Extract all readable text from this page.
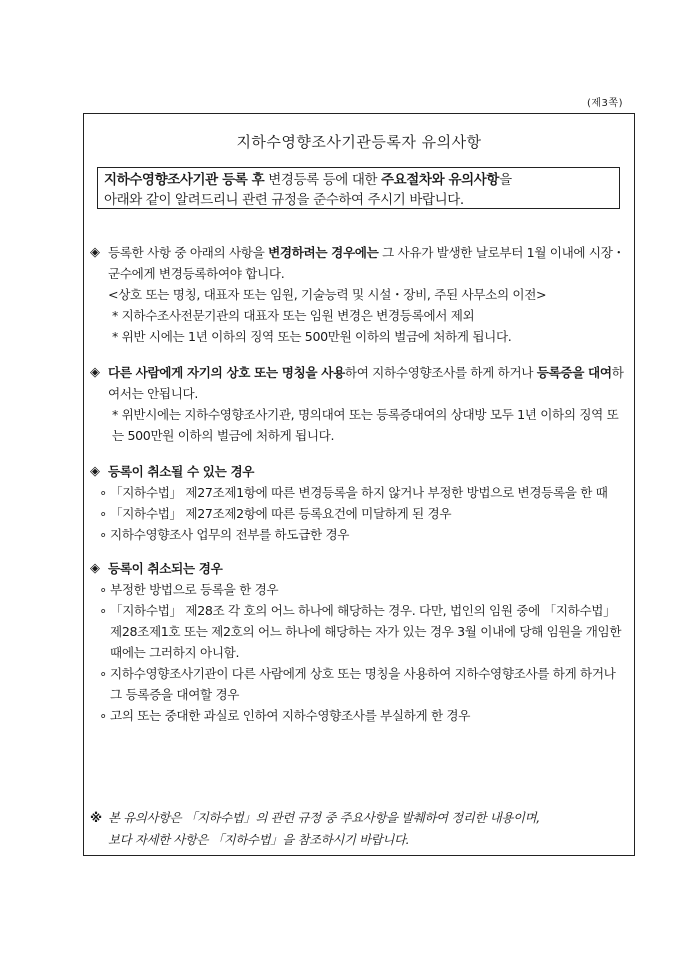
(제3쪽)
지하수영향조사기관등록자 유의사항
지하수영향조사기관 등록 후 변경등록 등에 대한 주요절차와 유의사항을
아래와 같이 알려드리니 관련 규정을 준수하여 주시기 바랍니다.
◈ 등록한 사항 중 아래의 사항을 변경하려는 경우에는 그 사유가 발생한 날로부터 1월 이내에 시장・군수에게 변경등록하여야 합니다.
<상호 또는 명칭, 대표자 또는 임원, 기술능력 및 시설・장비, 주된 사무소의 이전>
* 지하수조사전문기관의 대표자 또는 임원 변경은 변경등록에서 제외
* 위반 시에는 1년 이하의 징역 또는 500만원 이하의 벌금에 처하게 됩니다.
◈ 다른 사람에게 자기의 상호 또는 명칭을 사용하여 지하수영향조사를 하게 하거나 등록증을 대여하여서는 안됩니다.
* 위반시에는 지하수영향조사기관, 명의대여 또는 등록증대여의 상대방 모두 1년 이하의 징역 또는 500만원 이하의 벌금에 처하게 됩니다.
◈ 등록이 취소될 수 있는 경우
∘ 「지하수법」 제27조제1항에 따른 변경등록을 하지 않거나 부정한 방법으로 변경등록을 한 때
∘ 「지하수법」 제27조제2항에 따른 등록요건에 미달하게 된 경우
∘ 지하수영향조사 업무의 전부를 하도급한 경우
◈ 등록이 취소되는 경우
∘ 부정한 방법으로 등록을 한 경우
∘ 「지하수법」 제28조 각 호의 어느 하나에 해당하는 경우. 다만, 법인의 임원 중에 「지하수법」 제28조제1호 또는 제2호의 어느 하나에 해당하는 자가 있는 경우 3월 이내에 당해 임원을 개임한 때에는 그러하지 아니함.
∘ 지하수영향조사기관이 다른 사람에게 상호 또는 명칭을 사용하여 지하수영향조사를 하게 하거나 그 등록증을 대여할 경우
∘ 고의 또는 중대한 과실로 인하여 지하수영향조사를 부실하게 한 경우
※ 본 유의사항은 「지하수법」의 관련 규정 중 주요사항을 발췌하여 정리한 내용이며,
보다 자세한 사항은 「지하수법」을 참조하시기 바랍니다.
